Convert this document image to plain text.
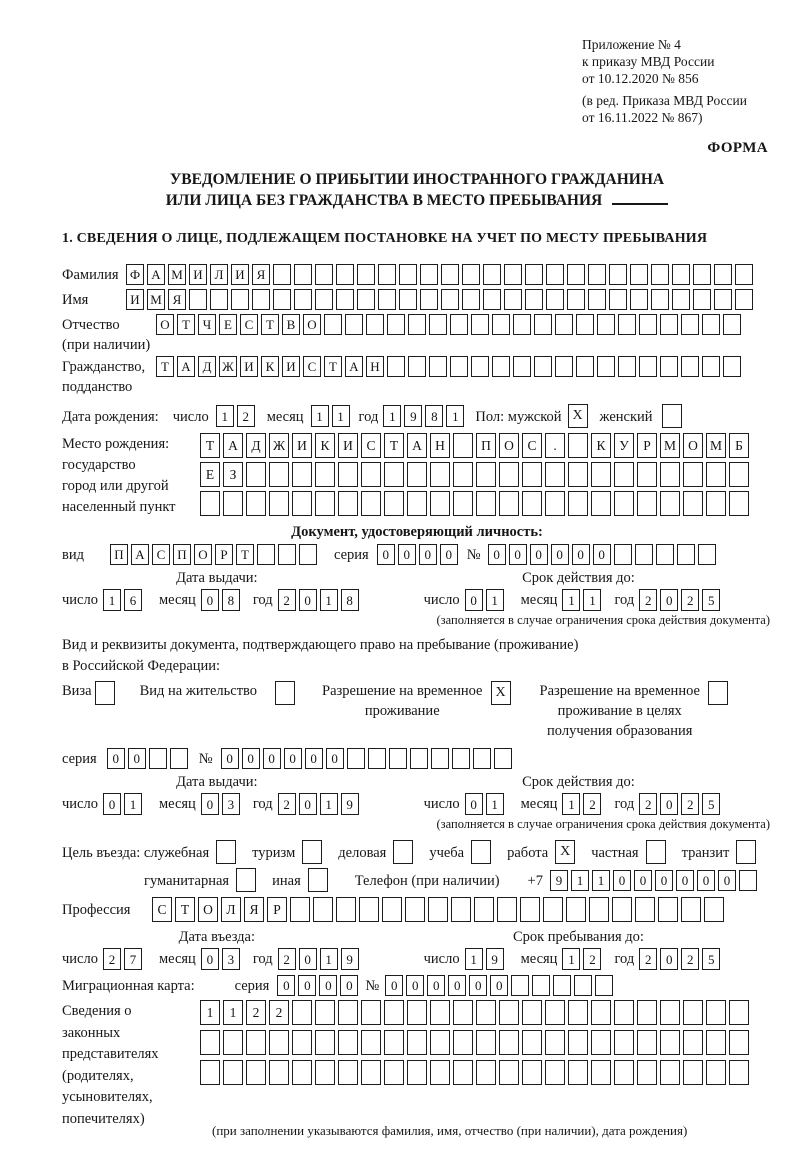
Приложение № 4
к приказу МВД России
от 10.12.2020 № 856
(в ред. Приказа МВД России
от 16.11.2022 № 867)
ФОРМА
УВЕДОМЛЕНИЕ О ПРИБЫТИИ ИНОСТРАННОГО ГРАЖДАНИНА
ИЛИ ЛИЦА БЕЗ ГРАЖДАНСТВА В МЕСТО ПРЕБЫВАНИЯ
1. СВЕДЕНИЯ О ЛИЦЕ, ПОДЛЕЖАЩЕМ ПОСТАНОВКЕ НА УЧЕТ ПО МЕСТУ ПРЕБЫВАНИЯ
Фамилия Ф А М И Л И Я
Имя	И М Я
Отчество
(при наличии)
О Т Ч Е С Т В О
Гражданство,
подданство
Т А Д Ж И К И С Т А Н
Дата рождения: число 1	2	месяц 1	1	год 1	9	8	1	Пол: мужской X	женский
Место рождения:
государство
город или другой
населенный пункт
Т	А	Д Ж И	К	И	С	Т	А Н	П О	С	.	К	У	Р М О М Б
Е	З
Документ, удостоверяющий личность:
вид	П А С П О Р	Т	серия	0	0	0	0	№ 0	0	0	0	0	0
Дата выдачи:
число 1	6	месяц 0	8	год 2	0	1	8
Срок действия до:
число 0	1	месяц 1	1	год 2	0	2	5
(заполняется в случае ограничения срока действия документа)
Вид и реквизиты документа, подтверждающего право на пребывание (проживание)
в Российской Федерации:
Виза	Вид на жительство	Разрешение на временное
проживание
X	Разрешение на временное
проживание в целях
получения образования
серия	0	0	№	0	0	0	0	0	0
Дата выдачи:
число 0	1	месяц 0	3	год 2	0	1	9
Срок действия до:
число 0	1	месяц 1	2	год 2	0	2	5
(заполняется в случае ограничения срока действия документа)
Цель въезда: служебная	туризм	деловая	учеба	работа X	частная	транзит
гуманитарная	иная	Телефон (при наличии) +7 9	1	1	0	0	0	0	0	0
Профессия	С	Т	О	Л	Я	Р
Дата въезда:
число 2	7	месяц 0	3	год 2	0	1	9
Срок пребывания до:
число 1	9	месяц 1	2	год 2	0	2	5
Миграционная карта:	серия	0	0	0	0 № 0	0	0	0	0	0
Сведения о
законных
представителях
(родителях,
усыновителях,
попечителях)
1	1	2	2
(при заполнении указываются фамилия, имя, отчество (при наличии), дата рождения)
